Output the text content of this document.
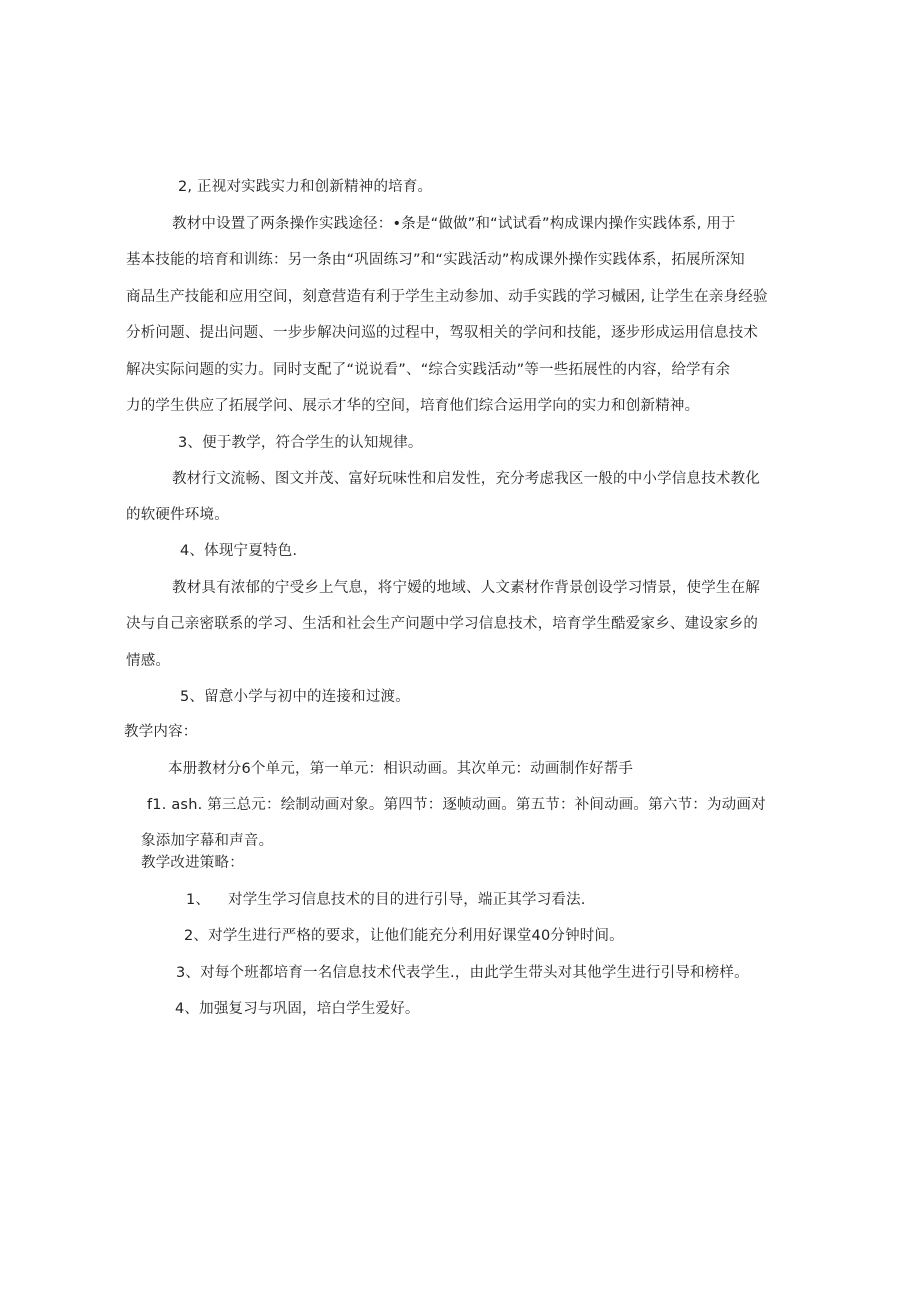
2, 正视对实践实力和创新精神的培育。
教材中设置了两条操作实践途径：•条是“做做”和“试试看”构成课内操作实践体系, 用于
基本技能的培育和训练：另一条由“巩固练习”和“实践活动”构成课外操作实践体系，拓展所深知
商品生产技能和应用空间，刻意营造有利于学生主动参加、动手实践的学习槭困, 让学生在亲身经验
分析问题、提出问题、一步步解决问巡的过程中，驾驭相关的学问和技能，逐步形成运用信息技术
解决实际问题的实力。同时支配了“说说看”、“综合实践活动”等一些拓展性的内容，给学有余
力的学生供应了拓展学问、展示才华的空间，培育他们综合运用学向的实力和创新精神。
3、便于教学，符合学生的认知规律。
教材行文流畅、图文并茂、富好玩味性和启发性，充分考虑我区一般的中小学信息技术教化
的软硬件环境。
4、体现宁夏特色.
教材具有浓郁的宁受乡上气息，将宁嫒的地域、人文素材作背景创设学习情景，使学生在解
决与自己亲密联系的学习、生活和社会生产问题中学习信息技术，培育学生酷爱家乡、建设家乡的
情感。
5、留意小学与初中的连接和过渡。
教学内容：
本册教材分6个单元，第一单元：相识动画。其次单元：动画制作好帮手
f1. ash. 第三总元：绘制动画对象。第四节：逐帧动画。第五节：补间动画。第六节：为动画对
象添加字幕和声音。
教学改进策略：
1、 对学生学习信息技术的目的进行引导，端正其学习看法.
2、对学生进行严格的要求，让他们能充分利用好课堂40分钟时间。
3、对每个班都培育一名信息技术代表学生.，由此学生带头对其他学生进行引导和榜样。
4、加强复习与巩固，培白学生爱好。
